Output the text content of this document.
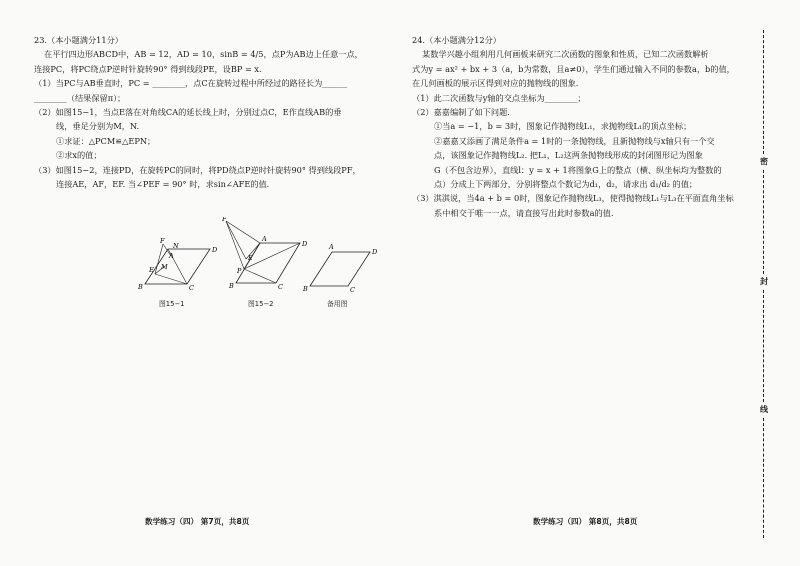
23.（本小题满分11分）

在平行四边形ABCD中，AB = 12，AD = 10，sinB = 4/5，点P为AB边上任意一点，

连接PC，将PC绕点P逆时针旋转90° 得到线段PE，设BP = x.

（1）当PC与AB垂直时，PC = ________，点C在旋转过程中所经过的路径长为______

________（结果保留π）；

（2）如图15−1，当点E落在对角线CA的延长线上时，分别过点C，E作直线AB的垂

线，垂足分别为M，N.

①求证：△PCM≌△EPN；

②求x的值；

（3）如图15−2，连接PD，在旋转PC的同时，将PD绕点P逆时针旋转90° 得到线段PF，

连接AE，AF，EF. 当∠PEF = 90° 时，求sin∠AFE的值.

F
N	D
A
E M
B	C
图15−1
F
D
A
E
P
B	C
图15−2
A
D
B	C
备用图
数学练习（四） 第7页，共8页

24.（本小题满分12分）

某数学兴趣小组利用几何画板来研究二次函数的图象和性质，已知二次函数解析

式为y = ax² + bx + 3（a，b为常数，且a≠0），学生们通过输入不同的参数a，b的值，

在几何画板的展示区得到对应的抛物线的图象.

（1）此二次函数与y轴的交点坐标为________；

（2）嘉嘉编制了如下问题.

①当a = −1，b = 3时，图象记作抛物线L₁，求抛物线L₁的顶点坐标；

②嘉嘉又添画了满足条件a = 1时的一条抛物线，且新抛物线与x轴只有一个交

点，该图象记作抛物线L₂. 把L₁，L₂这两条抛物线形成的封闭图形记为图象

G（不包含边界），直线l：y = x + 1将图象G上的整点（横、纵坐标均为整数的

点）分成上下两部分，分别将整点个数记为d₁，d₂，请求出 d₁/d₂ 的值；

（3）淇淇说，当4a + b = 0时，图象记作抛物线L₃，使得抛物线L₁与L₃在平面直角坐标

系中相交于唯一一点，请直接写出此时参数a的值.

数学练习（四） 第8页，共8页
密
封
线
